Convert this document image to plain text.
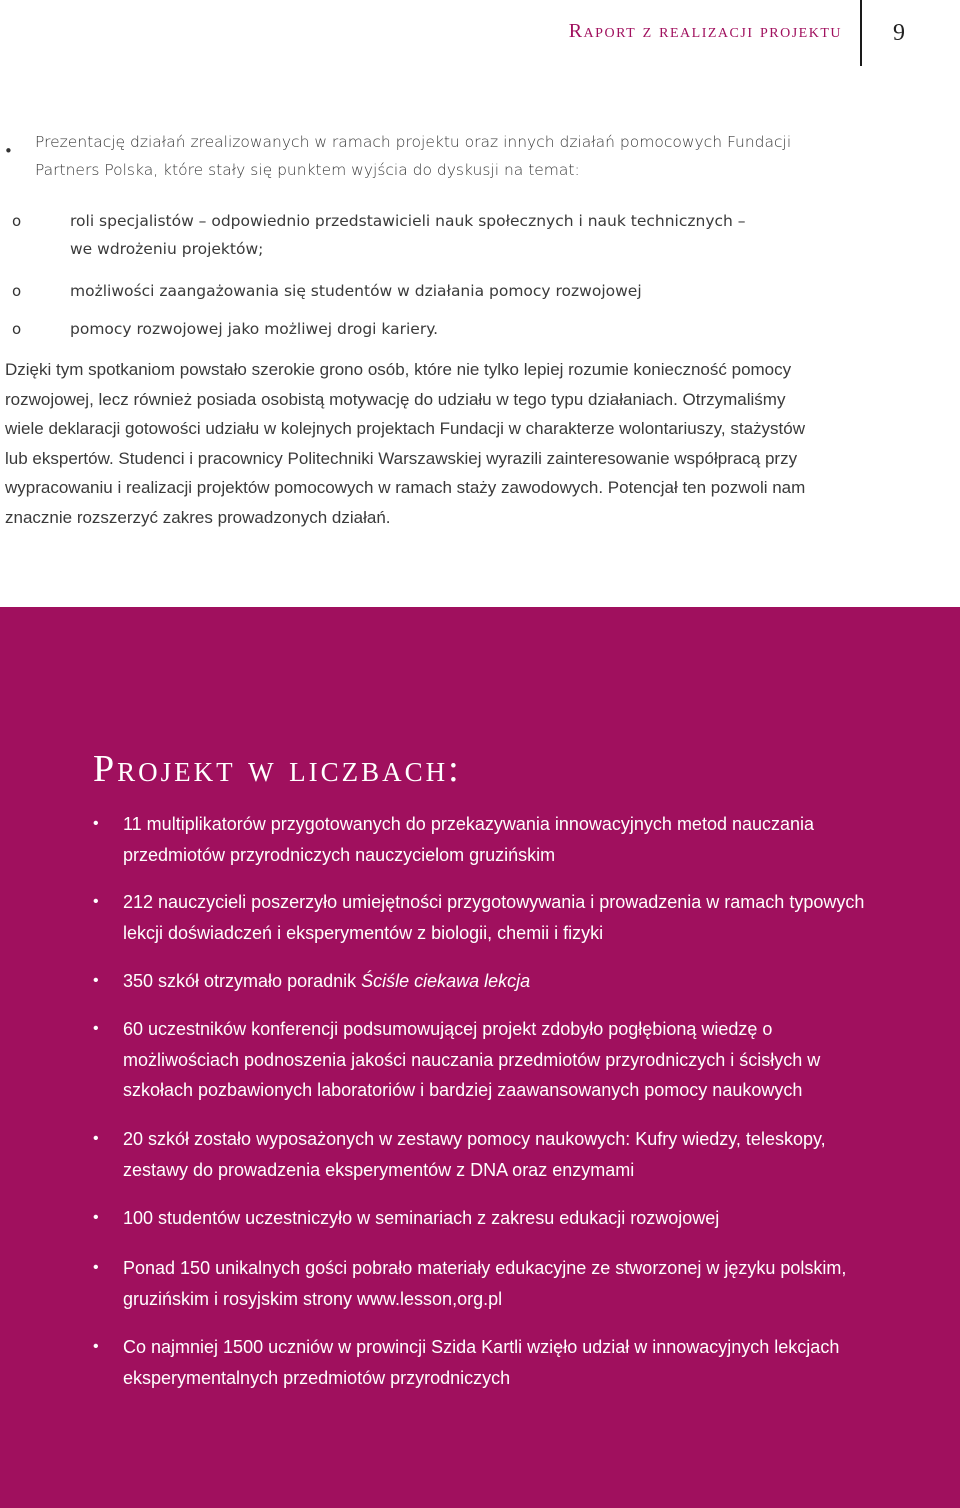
Raport z realizacji projektu 9
• Prezentację działań zrealizowanych w ramach projektu oraz innych działań pomocowych Fundacji Partners Polska, które stały się punktem wyjścia do dyskusji na temat:
o	roli specjalistów – odpowiednio przedstawicieli nauk społecznych i nauk technicznych – we wdrożeniu projektów;
o	możliwości zaangażowania się studentów w działania pomocy rozwojowej
o	pomocy rozwojowej jako możliwej drogi kariery.
Dzięki tym spotkaniom powstało szerokie grono osób, które nie tylko lepiej rozumie konieczność pomocy rozwojowej, lecz również posiada osobistą motywację do udziału w tego typu działaniach. Otrzymaliśmy wiele deklaracji gotowości udziału w kolejnych projektach Fundacji w charakterze wolontariuszy, stażystów lub ekspertów. Studenci i pracownicy Politechniki Warszawskiej wyrazili zainteresowanie współpracą przy wypracowaniu i realizacji projektów pomocowych w ramach staży zawodowych. Potencjał ten pozwoli nam znacznie rozszerzyć zakres prowadzonych działań.
Projekt w liczbach:
• 11 multiplikatorów przygotowanych do przekazywania innowacyjnych metod nauczania przedmiotów przyrodniczych nauczycielom gruzińskim
• 212 nauczycieli poszerzyło umiejętności przygotowywania i prowadzenia w ramach typowych lekcji doświadczeń i eksperymentów z biologii, chemii i fizyki
• 350 szkół otrzymało poradnik Ściśle ciekawa lekcja
• 60 uczestników konferencji podsumowującej projekt zdobyło pogłębioną wiedzę o możliwościach podnoszenia jakości nauczania przedmiotów przyrodniczych i ścisłych w szkołach pozbawionych laboratoriów i bardziej zaawansowanych pomocy naukowych
• 20 szkół zostało wyposażonych w zestawy pomocy naukowych: Kufry wiedzy, teleskopy, zestawy do prowadzenia eksperymentów z DNA oraz enzymami
• 100 studentów uczestniczyło w seminariach z zakresu edukacji rozwojowej
• Ponad 150 unikalnych gości pobrało materiały edukacyjne ze stworzonej w języku polskim, gruzińskim i rosyjskim strony www.lesson,org.pl
• Co najmniej 1500 uczniów w prowincji Szida Kartli wzięło udział w innowacyjnych lekcjach eksperymentalnych przedmiotów przyrodniczych
